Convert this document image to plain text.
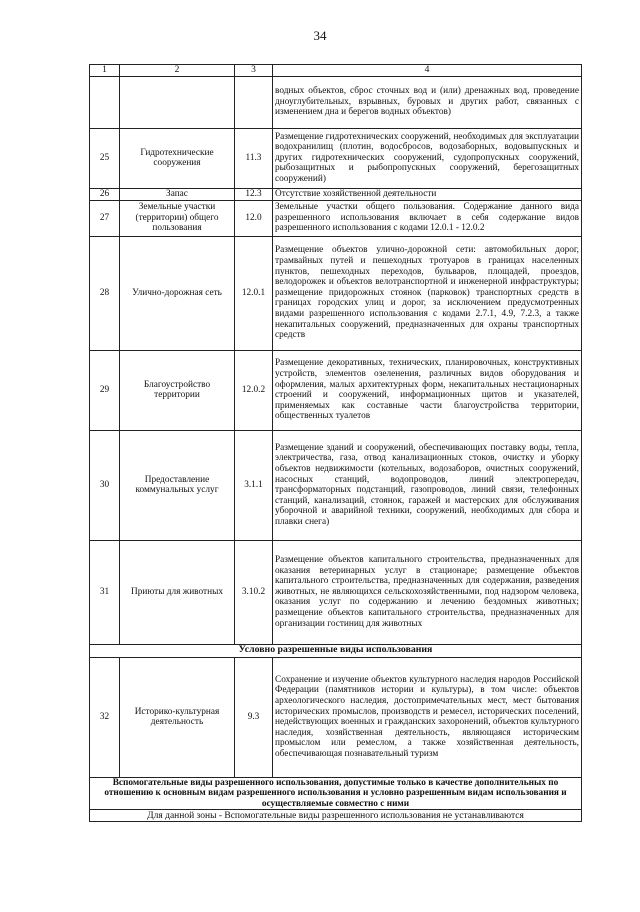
34
1	2	3	4
			водных объектов, сброс сточных вод и (или) дренажных вод, проведение дноуглубительных, взрывных, буровых и других работ, связанных с изменением дна и берегов водных объектов)
25	Гидротехнические сооружения	11.3	Размещение гидротехнических сооружений, необходимых для эксплуатации водохранилищ (плотин, водосбросов, водозаборных, водовыпускных и других гидротехнических сооружений, судопропускных сооружений, рыбозащитных и рыбопропускных сооружений, берегозащитных сооружений)
26	Запас	12.3	Отсутствие хозяйственной деятельности
27	Земельные участки (территории) общего пользования	12.0	Земельные участки общего пользования. Содержание данного вида разрешенного использования включает в себя содержание видов разрешенного использования с кодами 12.0.1 - 12.0.2
28	Улично-дорожная сеть	12.0.1	Размещение объектов улично-дорожной сети: автомобильных дорог, трамвайных путей и пешеходных тротуаров в границах населенных пунктов, пешеходных переходов, бульваров, площадей, проездов, велодорожек и объектов велотранспортной и инженерной инфраструктуры; размещение придорожных стоянок (парковок) транспортных средств в границах городских улиц и дорог, за исключением предусмотренных видами разрешенного использования с кодами 2.7.1, 4.9, 7.2.3, а также некапитальных сооружений, предназначенных для охраны транспортных средств
29	Благоустройство территории	12.0.2	Размещение декоративных, технических, планировочных, конструктивных устройств, элементов озеленения, различных видов оборудования и оформления, малых архитектурных форм, некапитальных нестационарных строений и сооружений, информационных щитов и указателей, применяемых как составные части благоустройства территории, общественных туалетов
30	Предоставление коммунальных услуг	3.1.1	Размещение зданий и сооружений, обеспечивающих поставку воды, тепла, электричества, газа, отвод канализационных стоков, очистку и уборку объектов недвижимости (котельных, водозаборов, очистных сооружений, насосных станций, водопроводов, линий электропередач, трансформаторных подстанций, газопроводов, линий связи, телефонных станций, канализаций, стоянок, гаражей и мастерских для обслуживания уборочной и аварийной техники, сооружений, необходимых для сбора и плавки снега)
31	Приюты для животных	3.10.2	Размещение объектов капитального строительства, предназначенных для оказания ветеринарных услуг в стационаре; размещение объектов капитального строительства, предназначенных для содержания, разведения животных, не являющихся сельскохозяйственными, под надзором человека, оказания услуг по содержанию и лечению бездомных животных; размещение объектов капитального строительства, предназначенных для организации гостиниц для животных
Условно разрешенные виды использования			
32	Историко-культурная деятельность	9.3	Сохранение и изучение объектов культурного наследия народов Российской Федерации (памятников истории и культуры), в том числе: объектов археологического наследия, достопримечательных мест, мест бытования исторических промыслов, производств и ремесел, исторических поселений, недействующих военных и гражданских захоронений, объектов культурного наследия, хозяйственная деятельность, являющаяся историческим промыслом или ремеслом, а также хозяйственная деятельность, обеспечивающая познавательный туризм
Вспомогательные виды разрешенного использования, допустимые только в качестве дополнительных по отношению к основным видам разрешенного использования и условно разрешенным видам использования и осуществляемые совместно с ними			
Для данной зоны - Вспомогательные виды разрешенного использования не устанавливаются			
